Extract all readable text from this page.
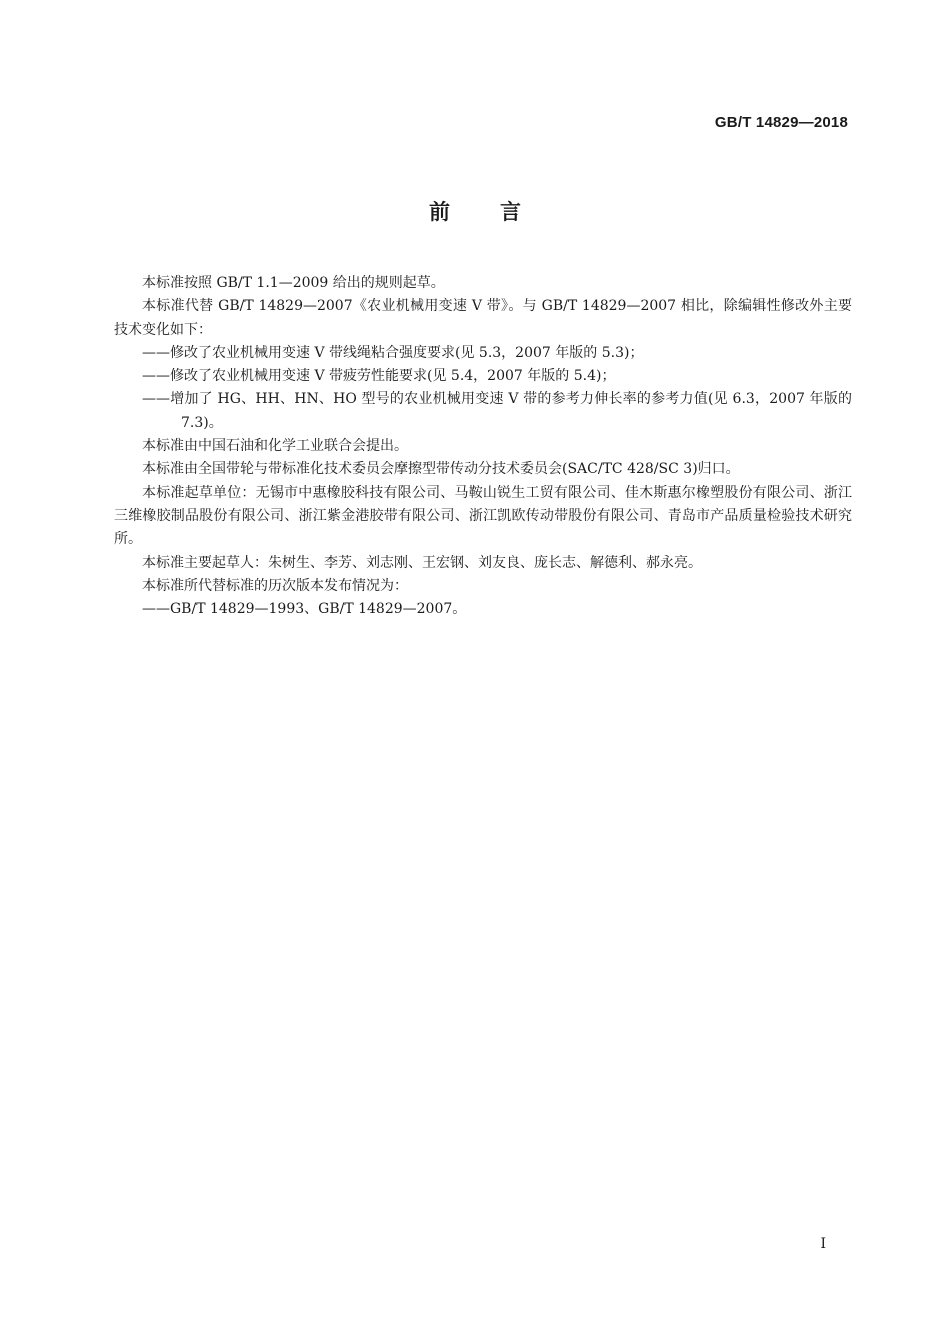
GB/T 14829—2018
前言

本标准按照 GB/T 1.1—2009 给出的规则起草。

本标准代替 GB/T 14829—2007《农业机械用变速 V 带》。与 GB/T 14829—2007 相比，除编辑性修改外主要技术变化如下：

——修改了农业机械用变速 V 带线绳粘合强度要求(见 5.3，2007 年版的 5.3)；

——修改了农业机械用变速 V 带疲劳性能要求(见 5.4，2007 年版的 5.4)；

——增加了 HG、HH、HN、HO 型号的农业机械用变速 V 带的参考力伸长率的参考力值(见 6.3，2007 年版的 7.3)。

本标准由中国石油和化学工业联合会提出。

本标准由全国带轮与带标准化技术委员会摩擦型带传动分技术委员会(SAC/TC 428/SC 3)归口。

本标准起草单位：无锡市中惠橡胶科技有限公司、马鞍山锐生工贸有限公司、佳木斯惠尔橡塑股份有限公司、浙江三维橡胶制品股份有限公司、浙江紫金港胶带有限公司、浙江凯欧传动带股份有限公司、青岛市产品质量检验技术研究所。

本标准主要起草人：朱树生、李芳、刘志刚、王宏钢、刘友良、庞长志、解德利、郝永亮。

本标准所代替标准的历次版本发布情况为：

——GB/T 14829—1993、GB/T 14829—2007。

I
